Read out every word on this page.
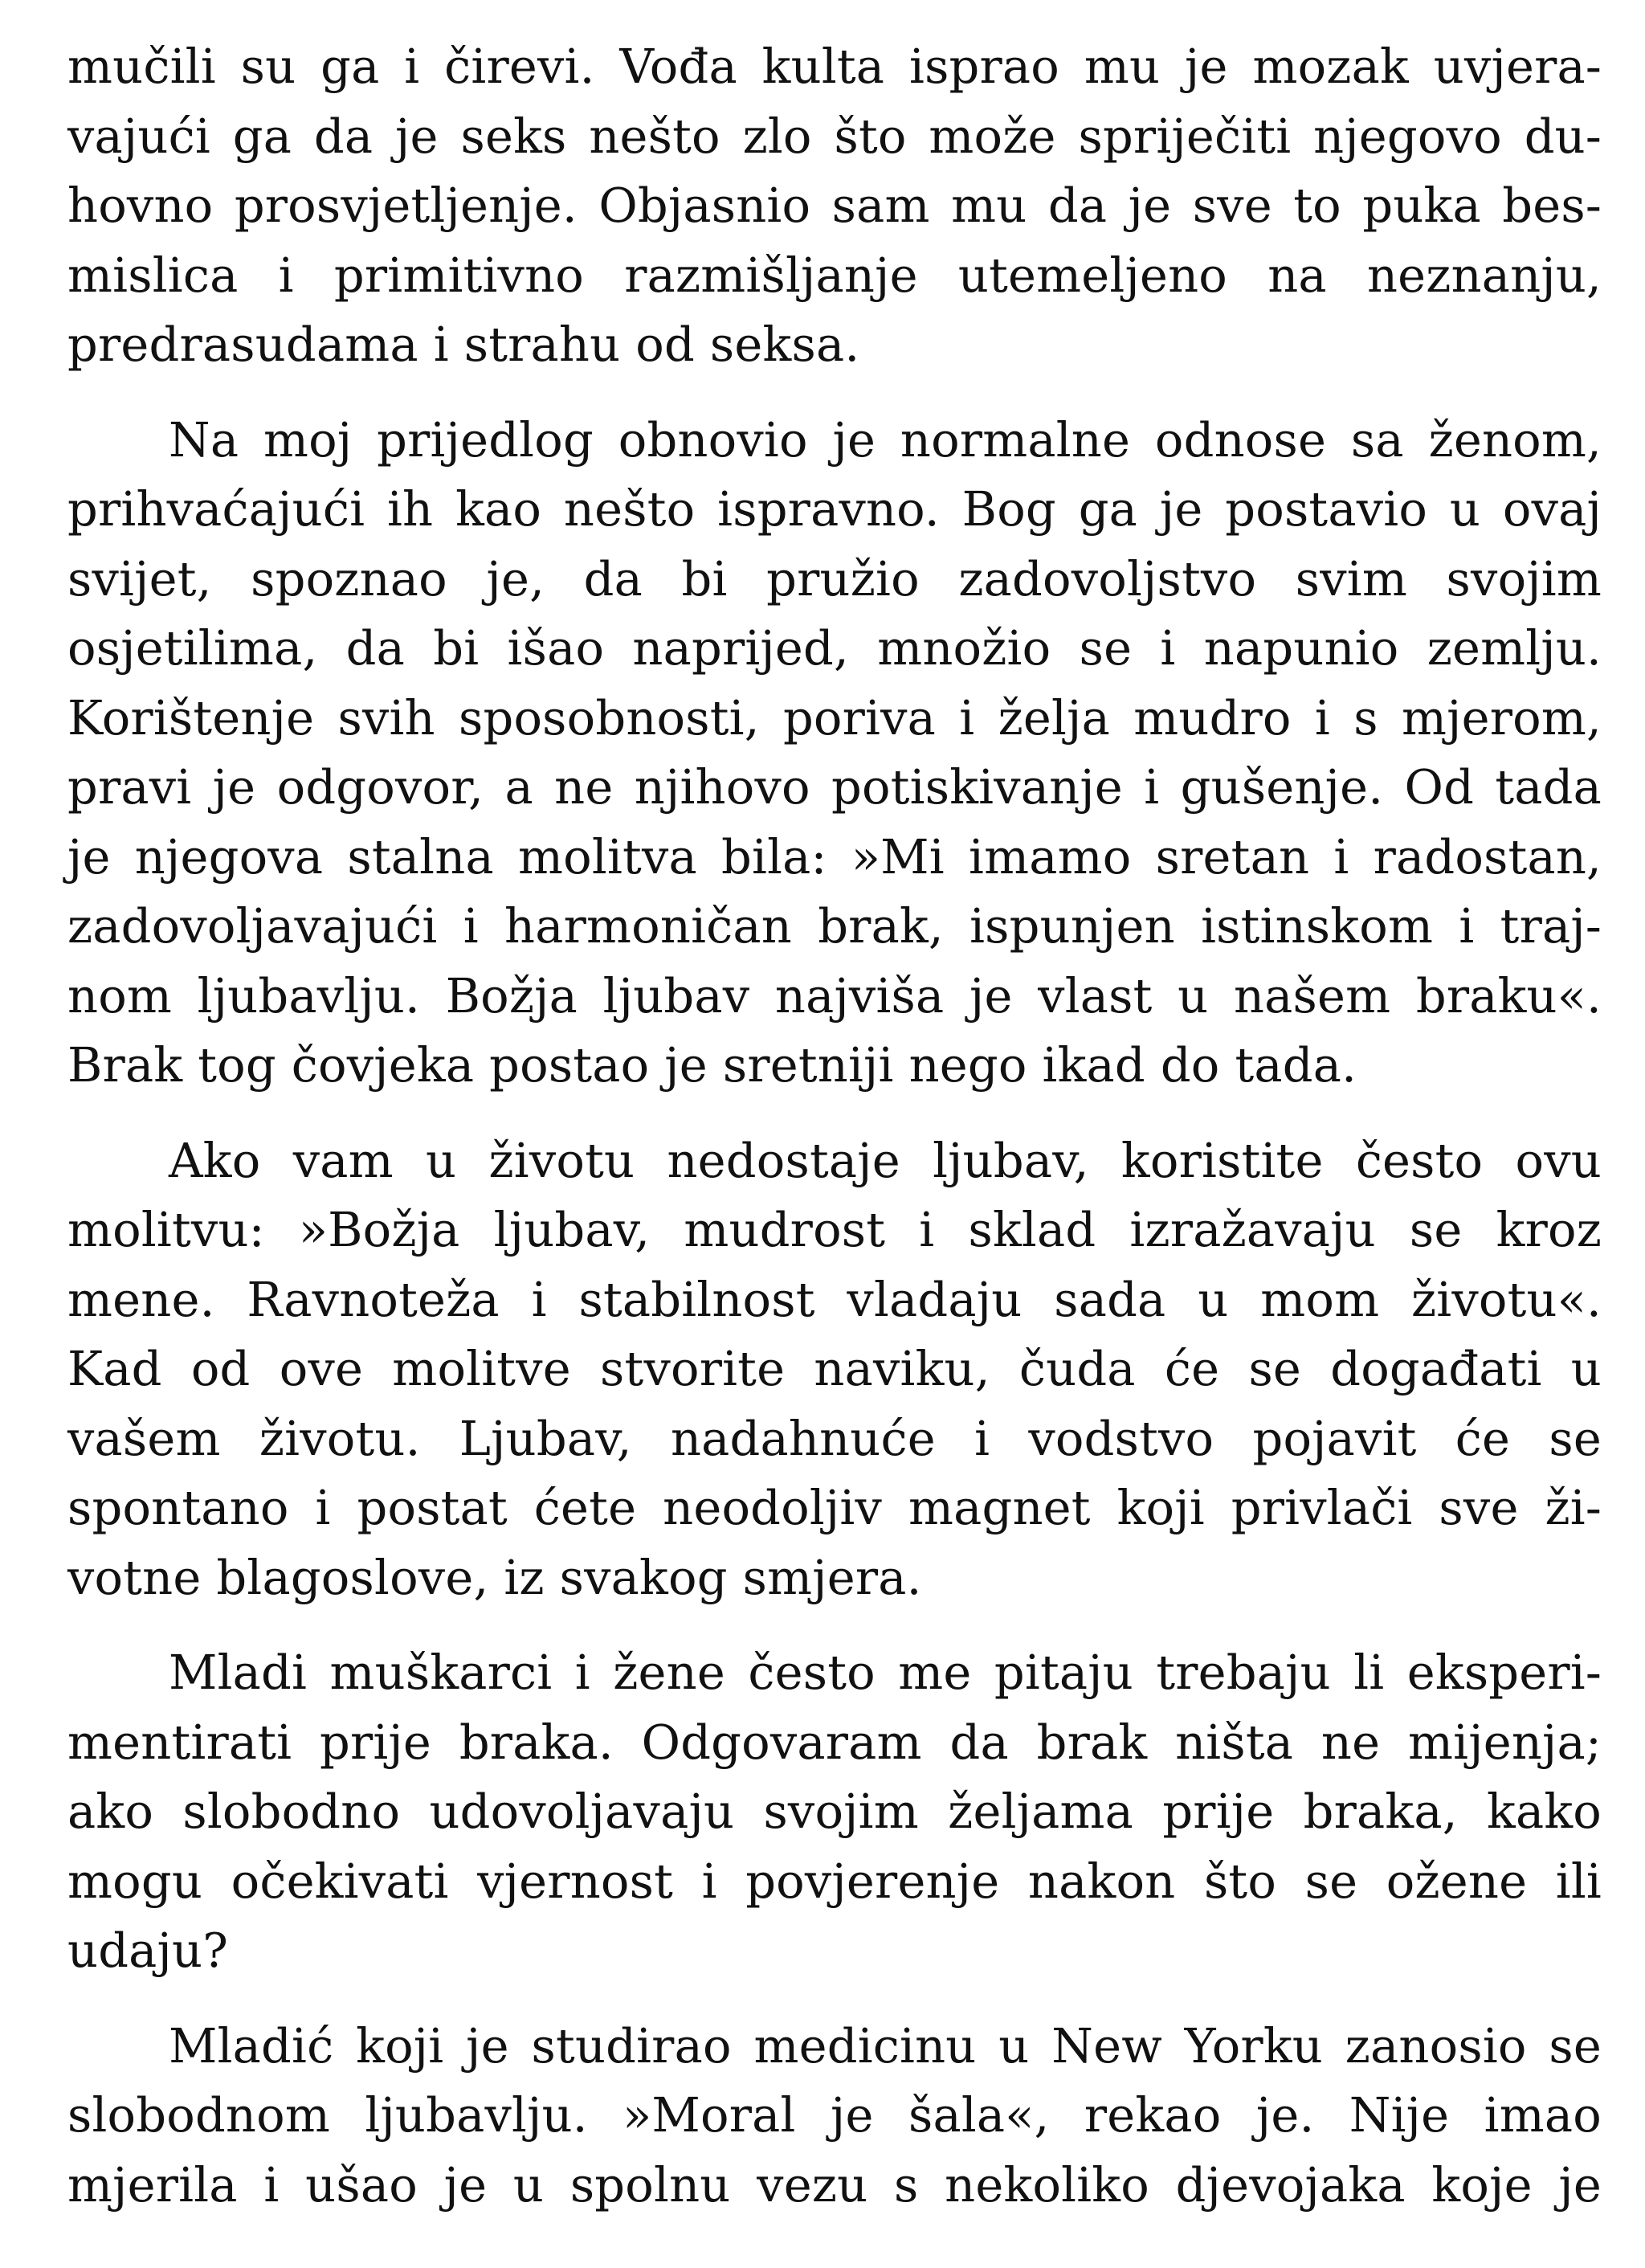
mučili su ga i čirevi. Vođa kulta isprao mu je mozak uvjera-
vajući ga da je seks nešto zlo što može spriječiti njegovo du-
hovno prosvjetljenje. Objasnio sam mu da je sve to puka bes-
mislica i primitivno razmišljanje utemeljeno na neznanju,
predrasudama i strahu od seksa.
Na moj prijedlog obnovio je normalne odnose sa ženom,
prihvaćajući ih kao nešto ispravno. Bog ga je postavio u ovaj
svijet, spoznao je, da bi pružio zadovoljstvo svim svojim
osjetilima, da bi išao naprijed, množio se i napunio zemlju.
Korištenje svih sposobnosti, poriva i želja mudro i s mjerom,
pravi je odgovor, a ne njihovo potiskivanje i gušenje. Od tada
je njegova stalna molitva bila: »Mi imamo sretan i radostan,
zadovoljavajući i harmoničan brak, ispunjen istinskom i traj-
nom ljubavlju. Božja ljubav najviša je vlast u našem braku«.
Brak tog čovjeka postao je sretniji nego ikad do tada.
Ako vam u životu nedostaje ljubav, koristite često ovu
molitvu: »Božja ljubav, mudrost i sklad izražavaju se kroz
mene. Ravnoteža i stabilnost vladaju sada u mom životu«.
Kad od ove molitve stvorite naviku, čuda će se događati u
vašem životu. Ljubav, nadahnuće i vodstvo pojavit će se
spontano i postat ćete neodoljiv magnet koji privlači sve ži-
votne blagoslove, iz svakog smjera.
Mladi muškarci i žene često me pitaju trebaju li eksperi-
mentirati prije braka. Odgovaram da brak ništa ne mijenja;
ako slobodno udovoljavaju svojim željama prije braka, kako
mogu očekivati vjernost i povjerenje nakon što se ožene ili
udaju?
Mladić koji je studirao medicinu u New Yorku zanosio se
slobodnom ljubavlju. »Moral je šala«, rekao je. Nije imao
mjerila i ušao je u spolnu vezu s nekoliko djevojaka koje je
